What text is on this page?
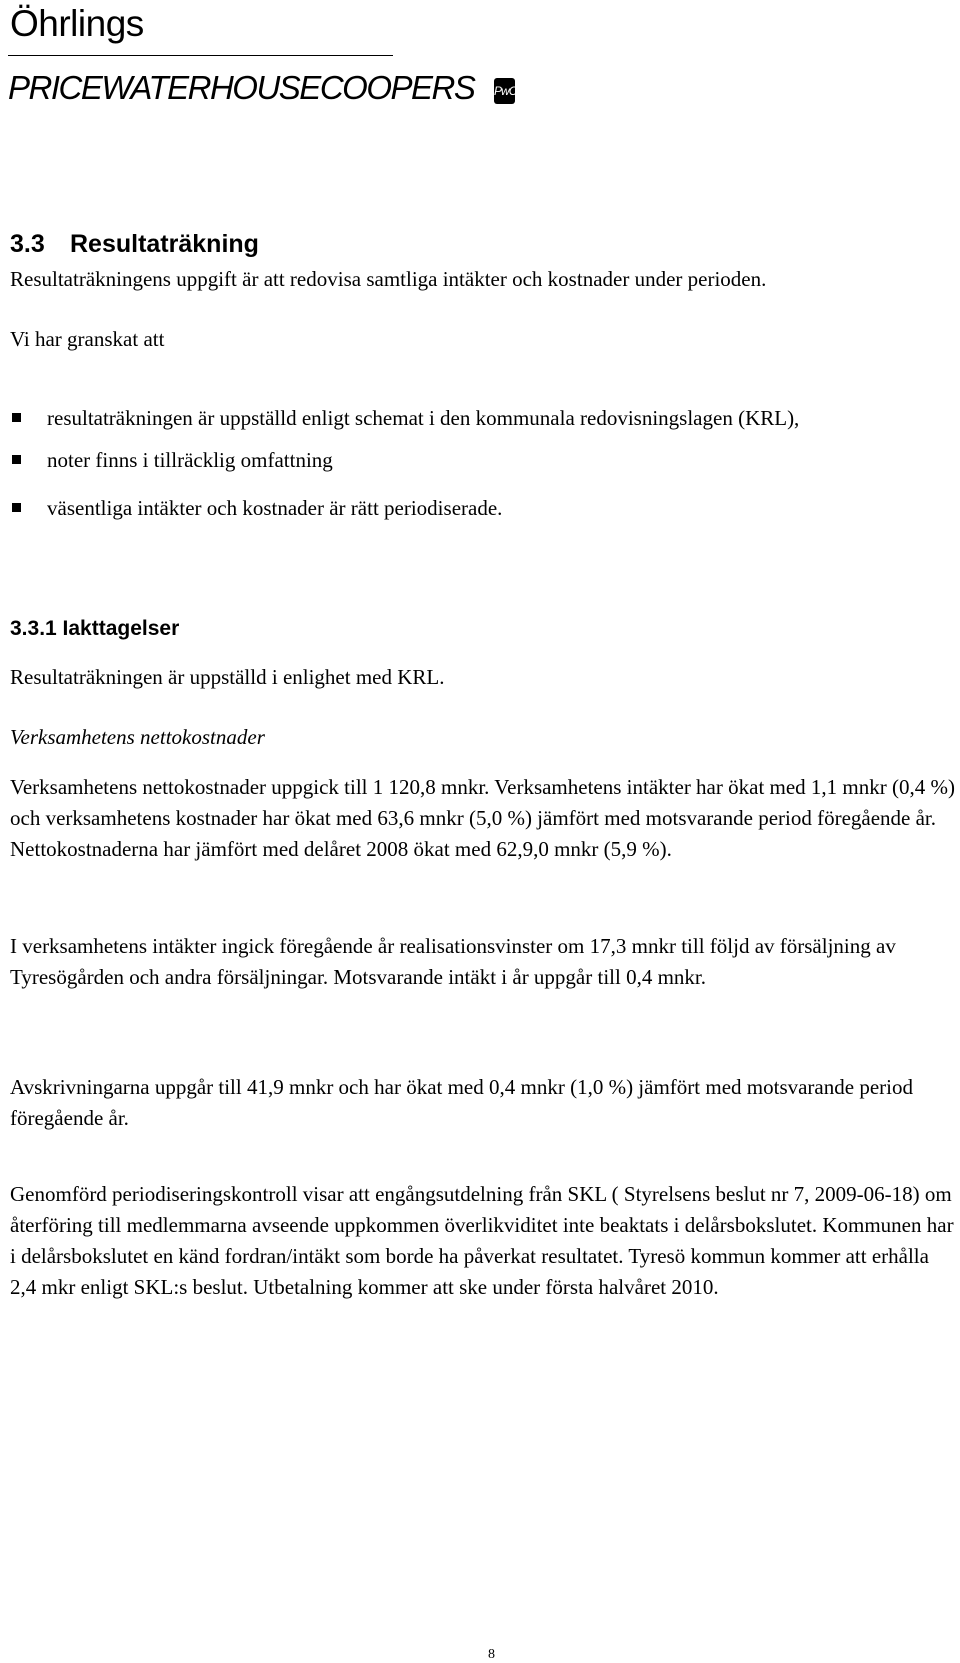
Öhrlings
PRICEWATERHOUSECOOPERS PwC
3.3 Resultaträkning
Resultaträkningens uppgift är att redovisa samtliga intäkter och kostnader under perioden.
Vi har granskat att
resultaträkningen är uppställd enligt schemat i den kommunala redovisningslagen (KRL),
noter finns i tillräcklig omfattning
väsentliga intäkter och kostnader är rätt periodiserade.
3.3.1 Iakttagelser
Resultaträkningen är uppställd i enlighet med KRL.
Verksamhetens nettokostnader
Verksamhetens nettokostnader uppgick till 1 120,8 mnkr. Verksamhetens intäkter har ökat med 1,1 mnkr (0,4 %) och verksamhetens kostnader har ökat med 63,6 mnkr (5,0 %) jämfört med motsvarande period föregående år. Nettokostnaderna har jämfört med delåret 2008 ökat med 62,9,0 mnkr (5,9 %).
I verksamhetens intäkter ingick föregående år realisationsvinster om 17,3 mnkr till följd av försäljning av Tyresögården och andra försäljningar. Motsvarande intäkt i år uppgår till 0,4 mnkr.
Avskrivningarna uppgår till 41,9 mnkr och har ökat med 0,4 mnkr (1,0 %) jämfört med motsvarande period föregående år.
Genomförd periodiseringskontroll visar att engångsutdelning från SKL ( Styrelsens beslut nr 7, 2009-06-18) om återföring till medlemmarna avseende uppkommen överlikviditet inte beaktats i delårsbokslutet. Kommunen har i delårsbokslutet en känd fordran/intäkt som borde ha påverkat resultatet. Tyresö kommun kommer att erhålla 2,4 mkr enligt SKL:s beslut. Utbetalning kommer att ske under första halvåret 2010.
8
